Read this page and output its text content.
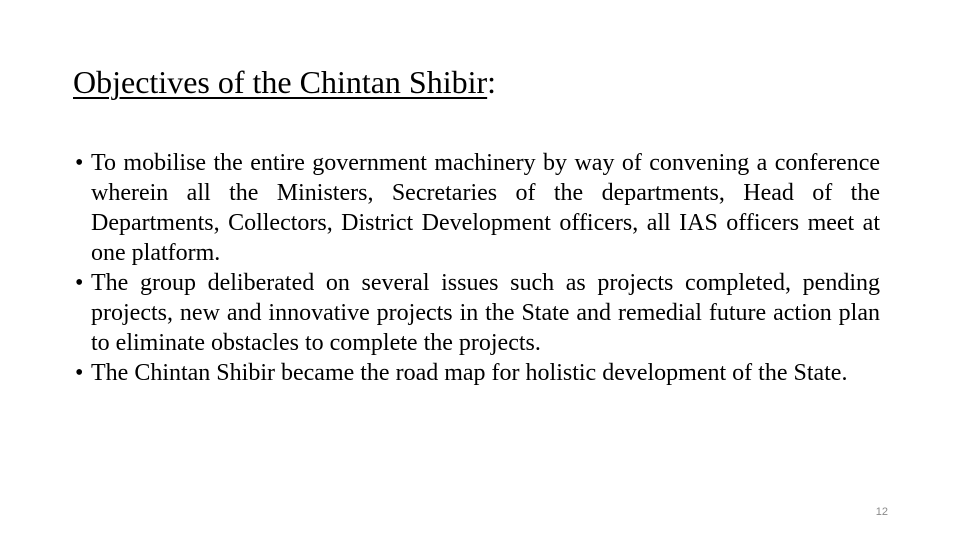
Objectives of the Chintan Shibir:
• To mobilise the entire government machinery by way of convening a conference wherein all the Ministers, Secretaries of the departments, Head of the Departments, Collectors, District Development officers, all IAS officers meet at one platform.
• The group deliberated on several issues such as projects completed, pending projects, new and innovative projects in the State and remedial future action plan to eliminate obstacles to complete the projects.
• The Chintan Shibir became the road map for holistic development of the State.
12
